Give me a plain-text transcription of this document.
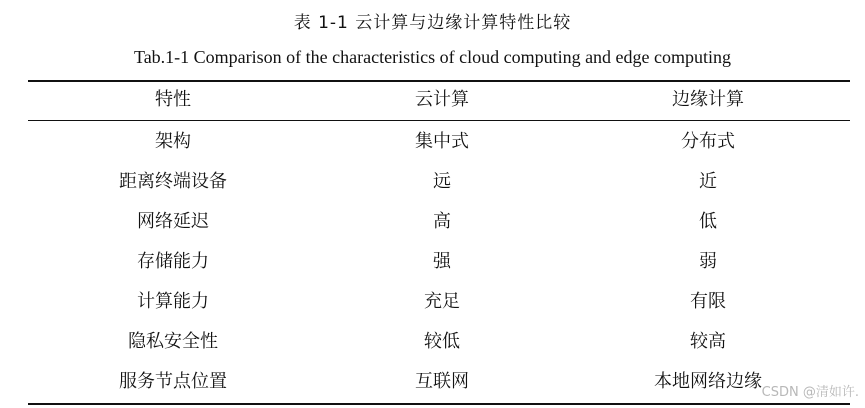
表 1-1 云计算与边缘计算特性比较
Tab.1-1 Comparison of the characteristics of cloud computing and edge computing
特性	云计算	边缘计算
架构	集中式	分布式
距离终端设备	远	近
网络延迟	高	低
存储能力	强	弱
计算能力	充足	有限
隐私安全性	较低	较高
服务节点位置	互联网	本地网络边缘
CSDN @清如许.
